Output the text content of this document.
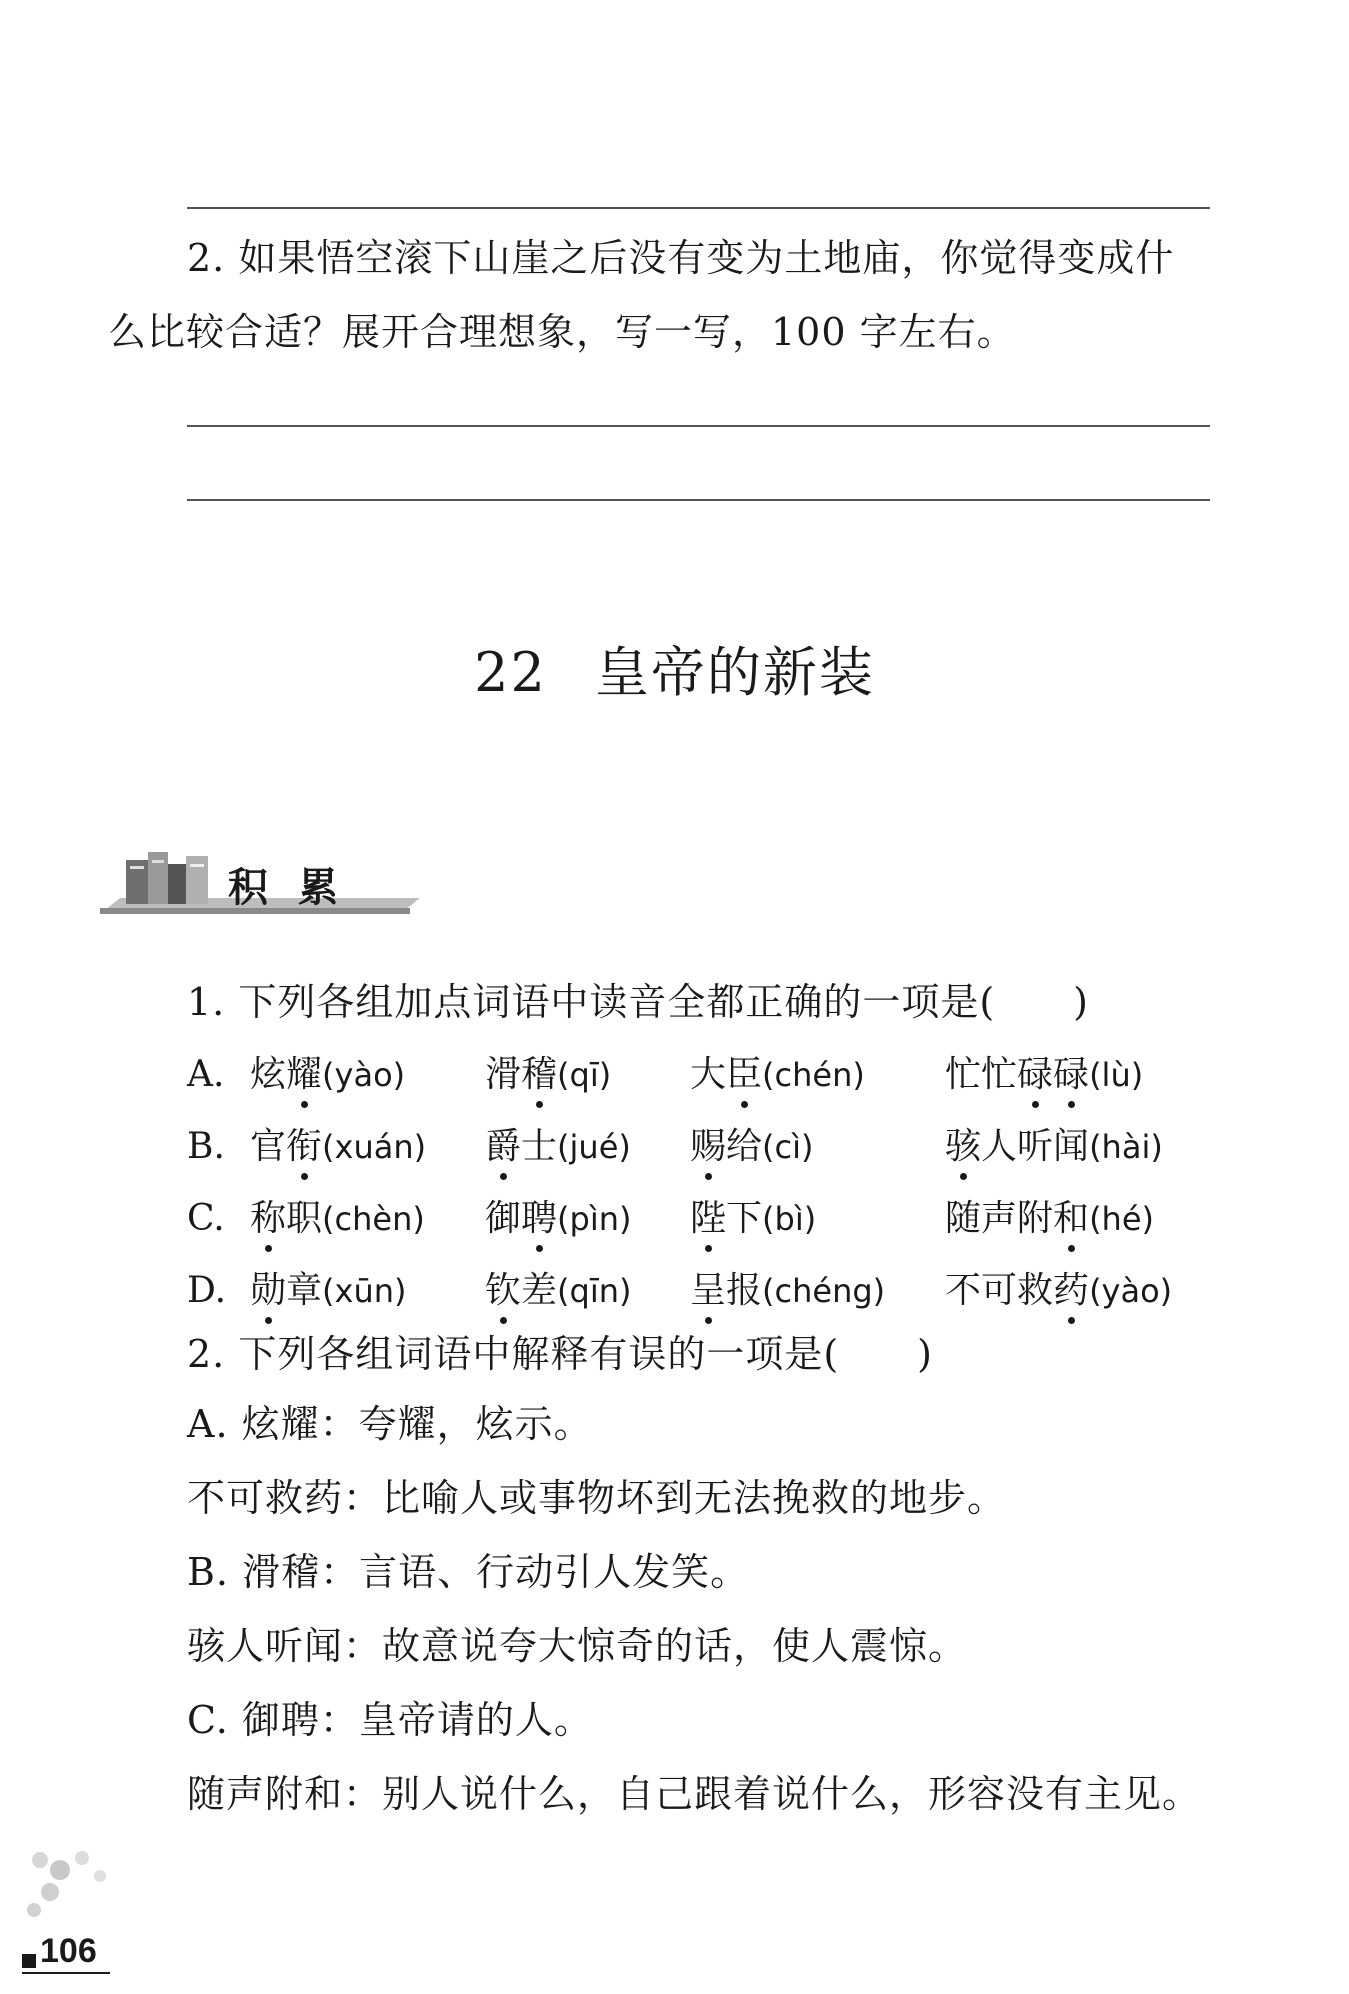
2. 如果悟空滚下山崖之后没有变为土地庙，你觉得变成什
么比较合适？展开合理想象，写一写，100 字左右。
22 皇帝的新装
积累
1. 下列各组加点词语中读音全都正确的一项是(　　)
A. 炫耀(yào) 滑稽(qī) 大臣(chén) 忙忙碌碌(lù)
B. 官衔(xuán) 爵士(jué) 赐给(cì)	骇人听闻(hài)
C. 称职(chèn) 御聘(pìn) 陛下(bì)	随声附和(hé)
D. 勋章(xūn) 钦差(qīn) 呈报(chéng) 不可救药(yào)
2. 下列各组词语中解释有误的一项是(　　)
A. 炫耀：夸耀，炫示。
不可救药：比喻人或事物坏到无法挽救的地步。
B. 滑稽：言语、行动引人发笑。
骇人听闻：故意说夸大惊奇的话，使人震惊。
C. 御聘：皇帝请的人。
随声附和：别人说什么，自己跟着说什么，形容没有主见。
106
